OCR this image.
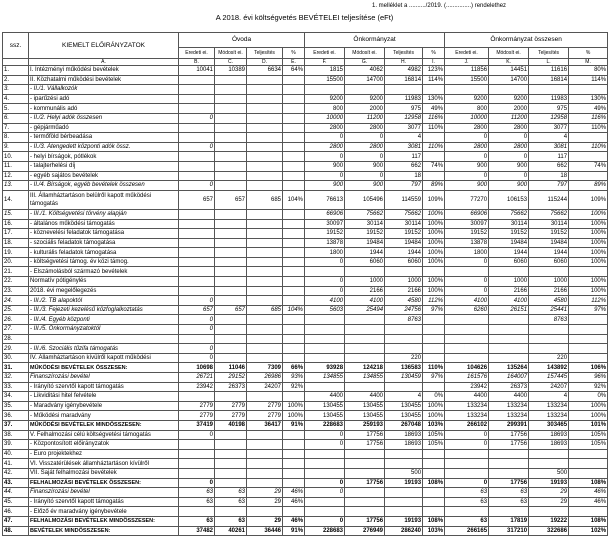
1. melléklet a ........../2019. (...............) rendelethez
A 2018. évi költségvetés BEVÉTELEI teljesítése (eFt)
ssz.	KIEMELT ELŐIRÁNYZATOK	Óvoda				Önkormányzat				Önkormányzat összesen			
		Eredeti ei.	Módosít ei.	Teljesítés	%	Eredeti ei.	Módosít ei.	Teljesítés	%	Eredeti ei.	Módosít ei.	Teljesítés	%
	A.	B.	C.	D.	E.	F.	G.	H.	I.	J.	K.	L.	M.
1.	I. Intézményi működési bevételek	10041	10389	6634	64%	1815	4062	4982	123%	11856	14451	11616	80%
2.	II. Közhatalmi működési bevételek					15500	14700	16814	114%	15500	14700	16814	114%
3.	- II./1. Vállalkozók												
4.	- iparűzési adó					9200	9200	11983	130%	9200	9200	11983	130%
5.	- kommunális adó					800	2000	975	49%	800	2000	975	49%
6.	- II./2. Helyi adók összesen	0				10000	11200	12958	116%	10000	11200	12958	116%
7.	- gépjárműadó					2800	2800	3077	110%	2800	2800	3077	110%
8.	- termőföld bérbeadása					0	0	4		0	0	4	
9.	- II./3. Átengedett központi adók össz.	0				2800	2800	3081	110%	2800	2800	3081	110%
10.	- helyi bírságok, pótlékok					0	0	117		0	0	117	
11.	- talajterhelési díj					900	900	662	74%	900	900	662	74%
12.	- egyéb sajátos bevételek					0	0	18		0	0	18	
13.	- II./4. Bírságok, egyéb bevételek összesen	0				900	900	797	89%	900	900	797	89%
14.	III. Államháztartáson belülről kapott működési támogatás	657	657	685	104%	76613	105496	114559	109%	77270	106153	115244	109%
15.	- III./1. Költségvetési törvény alapján					66906	75662	75662	100%	66906	75662	75662	100%
16.	- általános működési támogatás					30097	30114	30114	100%	30097	30114	30114	100%
17.	- köznevelési feladatok támogatása					19152	19152	19152	100%	19152	19152	19152	100%
18.	- szociális feladatok támogatása					13878	19484	19484	100%	13878	19484	19484	100%
19.	- kulturális feladatok támogatása					1800	1944	1944	100%	1800	1944	1944	100%
20.	- költségvetési támog. év közi támog.					0	6060	6060	100%	0	6060	6060	100%
21.	- Elszámolásból származó bevételek												
22.	Normatív pótigénylés					0	1000	1000	100%	0	1000	1000	100%
23.	2018. évi megelőlegezés					0	2166	2166	100%	0	2166	2166	100%
24.	- III./2. TB alapoktól	0				4100	4100	4580	112%	4100	4100	4580	112%
25.	- III./3. Fejezeti kezelésű közfoglalkoztatás	657	657	685	104%	5603	25494	24756	97%	6260	26151	25441	97%
26.	- III./4. Egyéb központi	0						8763				8763	
27.	- III./5. Önkormányzatoktól	0											
28.													
29.	- III./6. Szociális tűzifa támogatás	0											
30.	IV. Államháztartáson kívülről kapott működési	0						220				220	
31.	MŰKÖDÉSI BEVÉTELEK ÖSSZESEN:	10698	11046	7309	66%	93928	124218	136583	110%	104626	135264	143892	106%
32.	Finanszírozási bevétel	26721	29152	26986	93%	134855	134855	130459	97%	161576	164007	157445	96%
33.	- Irányító szervtől kapott támogatás	23942	26373	24207	92%					23942	26373	24207	92%
34.	- Likviditási hitel felvétele					4400	4400	4	0%	4400	4400	4	0%
35.	- Maradvány igénybevétele	2779	2779	2779	100%	130455	130455	130455	100%	133234	133234	133234	100%
36.	- Működési maradvány	2779	2779	2779	100%	130455	130455	130455	100%	133234	133234	133234	100%
37.	MŰKÖDÉSI BEVÉTELEK MINDÖSSZESEN:	37419	40198	36417	91%	228683	259193	267048	103%	266102	299391	303465	101%
38.	V. Felhalmozási célú költségvetési támogatás	0				0	17756	18693	105%	0	17756	18693	105%
39.	- Központosított előirányzatok					0	17756	18693	105%	0	17756	18693	105%
40.	- Euro projektekhez												
41.	VI. Visszatérülések államháztartáson kívülről												
42.	VII. Saját felhalmozási bevételek							500				500	
43.	FELHALMOZÁSI BEVÉTELEK ÖSSZESEN:	0				0	17756	19193	108%	0	17756	19193	108%
44.	Finanszírozási bevétel	63	63	29	46%	0				63	63	29	46%
45.	- Irányító szervtől kapott támogatás	63	63	29	46%					63	63	29	46%
46.	- Előző év maradvány igénybevétele												
47.	FELHALMOZÁSI BEVÉTELEK MINDÖSSZESEN:	63	63	29	46%	0	17756	19193	108%	63	17819	19222	108%
48.	BEVÉTELEK MINDÖSSZESEN:	37482	40261	36446	91%	228683	276949	286240	103%	266165	317210	322686	102%
